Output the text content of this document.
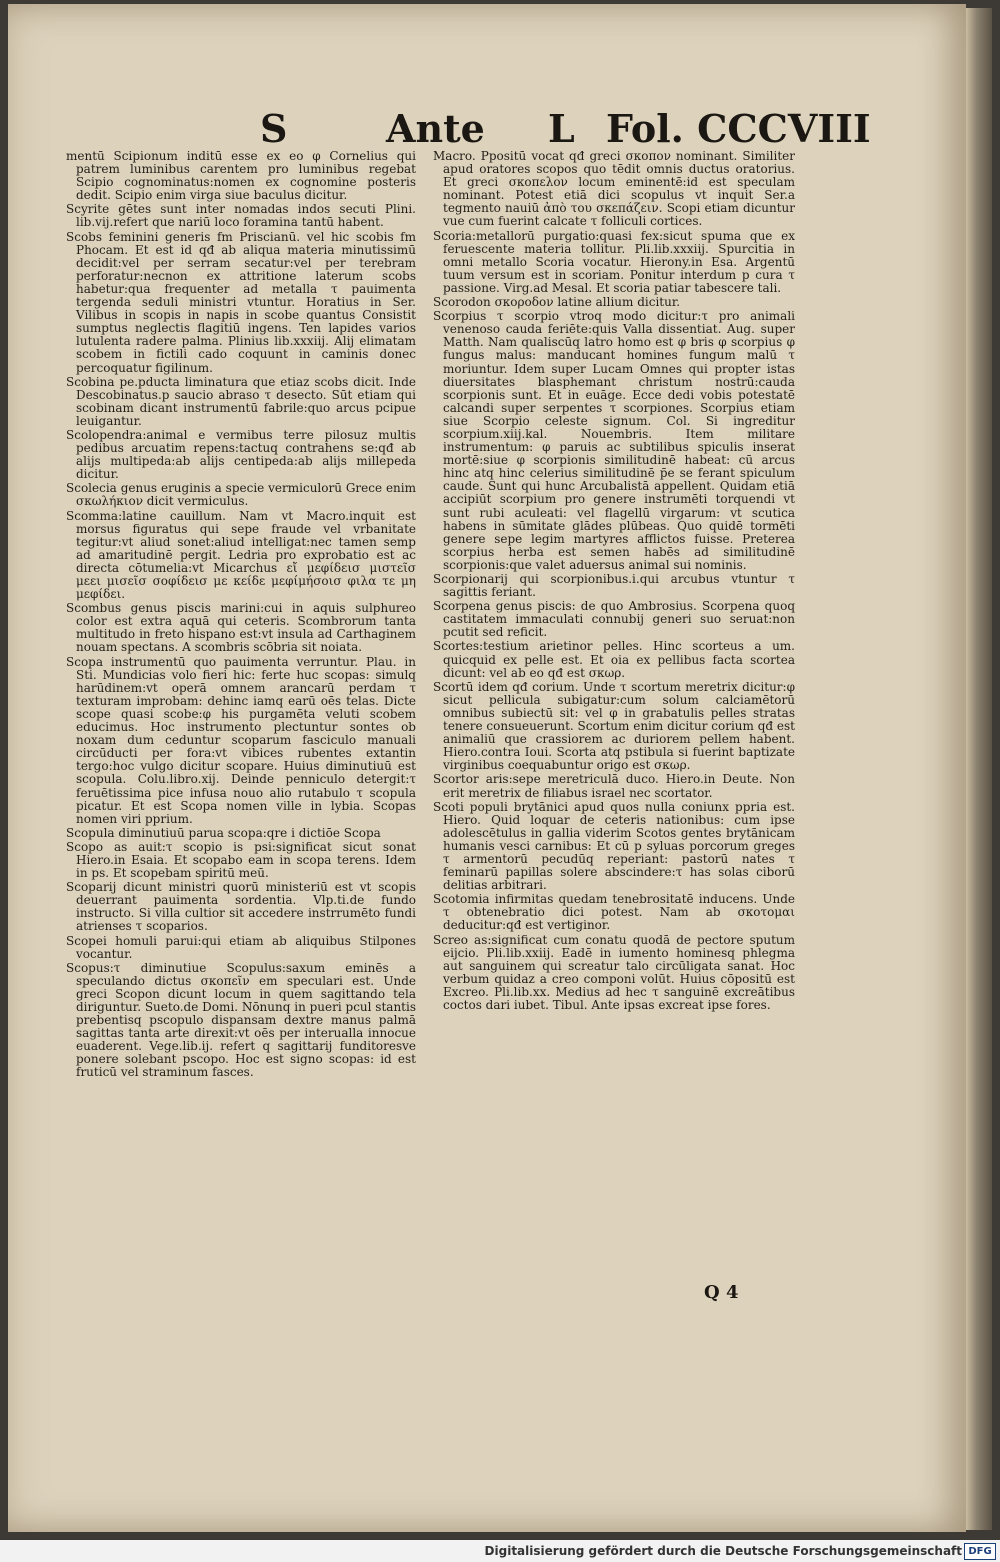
S	Ante L Fol. CCCVIII

mentū Scipionum inditū esse ex eo φ Cornelius qui patrem luminibus carentem pro luminibus regebat Scipio cognominatus:nomen ex cognomine posteris dedit. Scipio enim virga siue baculus dicitur.

Scyrite gētes sunt inter nomadas indos secuti Plini. lib.vij.refert que nariū loco foramina tantū habent.

Scobs feminini generis fm Priscianū. vel hic scobis fm Phocam. Et est id qđ ab aliqua materia minutissimū decidit:vel per serram secatur:vel per terebram perforatur:necnon ex attritione laterum scobs habetur:qua frequenter ad metalla τ pauimenta tergenda seduli ministri vtuntur. Horatius in Ser. Vilibus in scopis in napis in scobe quantus Consistit sumptus neglectis flagitiū ingens. Ten lapides varios lutulenta radere palma. Plinius lib.xxxiij. Alij elimatam scobem in fictili cado coquunt in caminis donec percoquatur figilinum.

Scobina pe.pducta liminatura que etiaz scobs dicit. Inde Descobinatus.p saucio abraso τ desecto. Sūt etiam qui scobinam dicant instrumentū fabrile:quo arcus pcipue leuigantur.

Scolopendra:animal e vermibus terre pilosuz multis pedibus arcuatim repens:tactuq contrahens se:qđ ab alijs multipeda:ab alijs centipeda:ab alijs millepeda dicitur.

Scolecia genus eruginis a specie vermiculorū Grece enim σκωλήκιον dicit vermiculus.

Scomma:latine cauillum. Nam vt Macro.inquit est morsus figuratus qui sepe fraude vel vrbanitate tegitur:vt aliud sonet:aliud intelligat:nec tamen semp ad amaritudinē pergit. Ledria pro exprobatio est ac directa cōtumelia:vt Micarchus εἴ μεφίδεισ μιστεῖσ μεει μισεῖσ σοφίδεισ με κείδε μεφίμήσοισ φιλα τε μη μεφίδει.

Scombus genus piscis marini:cui in aquis sulphureo color est extra aquā qui ceteris. Scombrorum tanta multitudo in freto hispano est:vt insula ad Carthaginem nouam spectans. A scombris scōbria sit noiata.

Scopa instrumentū quo pauimenta verruntur. Plau. in Sti. Mundicias volo fieri hic: ferte huc scopas: simulq harūdinem:vt operā omnem arancarū perdam τ texturam improbam: dehinc iamq earū oēs telas. Dicte scope quasi scobe:φ his purgamēta veluti scobem educimus. Hoc instrumento plectuntur sontes ob noxam dum ceduntur scoparum fasciculo manuali circūducti per fora:vt vibices rubentes extantin tergo:hoc vulgo dicitur scopare. Huius diminutiuū est scopula. Colu.libro.xij. Deinde penniculo detergit:τ feruētissima pice infusa nouo alio rutabulo τ scopula picatur. Et est Scopa nomen ville in lybia. Scopas nomen viri pprium.

Scopula diminutiuū parua scopa:qre i dictiōe Scopa

Scopo as auit:τ scopio is psi:significat sicut sonat Hiero.in Esaia. Et scopabo eam in scopa terens. Idem in ps. Et scopebam spiritū meū.

Scoparij dicunt ministri quorū ministeriū est vt scopis deuerrant pauimenta sordentia. Vlp.ti.de fundo instructo. Si villa cultior sit accedere instrrumēto fundi atrienses τ scoparios.

Scopei homuli parui:qui etiam ab aliquibus Stilpones vocantur.

Scopus:τ diminutiue Scopulus:saxum eminēs a speculando dictus σκοπεῖν em speculari est. Unde greci Scopon dicunt locum in quem sagittando tela diriguntur. Sueto.de Domi. Nōnunq in pueri pcul stantis prebentisq pscopulo dispansam dextre manus palmā sagittas tanta arte direxit:vt oēs per interualla innocue euaderent. Vege.lib.ij. refert q sagittarij funditoresve ponere solebant pscopo. Hoc est signo scopas: id est fruticū vel straminum fasces.

Macro. Ppositū vocat qđ greci σκοπον nominant. Similiter apud oratores scopos quo tēdit omnis ductus oratorius. Et greci σκοπελον locum eminentē:id est speculam nominant. Potest etiā dici scopulus vt inquit Ser.a tegmento nauiū ἀπὸ του σκεπάζειν. Scopi etiam dicuntur vue cum fuerint calcate τ folliculi cortices.

Scoria:metallorū purgatio:quasi fex:sicut spuma que ex feruescente materia tollitur. Pli.lib.xxxiij. Spurcitia in omni metallo Scoria vocatur. Hierony.in Esa. Argentū tuum versum est in scoriam. Ponitur interdum p cura τ passione. Virg.ad Mesal. Et scoria patiar tabescere tali.

Scorodon σκοροδον latine allium dicitur.

Scorpius τ scorpio vtroq modo dicitur:τ pro animali venenoso cauda feriēte:quis Valla dissentiat. Aug. super Matth. Nam qualiscūq latro homo est φ bris φ scorpius φ fungus malus: manducant homines fungum malū τ moriuntur. Idem super Lucam Omnes qui propter istas diuersitates blasphemant christum nostrū:cauda scorpionis sunt. Et in euāge. Ecce dedi vobis potestatē calcandi super serpentes τ scorpiones. Scorpius etiam siue Scorpio celeste signum. Col. Si ingreditur scorpium.xiij.kal. Nouembris. Item militare instrumentum: φ paruis ac subtilibus spiculis inserat mortē:siue φ scorpionis similitudinē habeat: cū arcus hinc atq hinc celerius similitudinē p̄e se ferant spiculum caude. Sunt qui hunc Arcubalistā appellent. Quidam etiā accipiūt scorpium pro genere instrumēti torquendi vt sunt rubi aculeati: vel flagellū virgarum: vt scutica habens in sūmitate glādes plūbeas. Quo quidē tormēti genere sepe legim martyres afflictos fuisse. Preterea scorpius herba est semen habēs ad similitudinē scorpionis:que valet aduersus animal sui nominis.

Scorpionarij qui scorpionibus.i.qui arcubus vtuntur τ sagittis feriant.

Scorpena genus piscis: de quo Ambrosius. Scorpena quoq castitatem immaculati connubij generi suo seruat:non pcutit sed reficit.

Scortes:testium arietinor pelles. Hinc scorteus a um. quicquid ex pelle est. Et oia ex pellibus facta scortea dicunt: vel ab eo qđ est σκωρ.

Scortū idem qđ corium. Unde τ scortum meretrix dicitur:φ sicut pellicula subigatur:cum solum calciamētorū omnibus subiectū sit: vel φ in grabatulis pelles stratas tenere consueuerunt. Scortum enim dicitur corium qđ est animaliū que crassiorem ac duriorem pellem habent. Hiero.contra Ioui. Scorta atq pstibula si fuerint baptizate virginibus coequabuntur origo est σκωρ.

Scortor aris:sepe meretriculā duco. Hiero.in Deute. Non erit meretrix de filiabus israel nec scortator.

Scoti populi brytānici apud quos nulla coniunx ppria est. Hiero. Quid loquar de ceteris nationibus: cum ipse adolescētulus in gallia viderim Scotos gentes brytānicam humanis vesci carnibus: Et cū p syluas porcorum greges τ armentorū pecudūq reperiant: pastorū nates τ feminarū papillas solere abscindere:τ has solas ciborū delitias arbitrari.

Scotomia infirmitas quedam tenebrositatē inducens. Unde τ obtenebratio dici potest. Nam ab σκοτομαι deducitur:qđ est vertiginor.

Screo as:significat cum conatu quodā de pectore sputum eijcio. Pli.lib.xxiij. Eadē in iumento hominesq phlegma aut sanguinem qui screatur talo circūligata sanat. Hoc verbum quidaz a creo componi volūt. Huius cōpositū est Excreo. Pli.lib.xx. Medius ad hec τ sanguinē excreātibus coctos dari iubet. Tibul. Ante ipsas excreat ipse fores.

Q 4
Digitalisierung gefördert durch die Deutsche Forschungsgemeinschaft DFG
